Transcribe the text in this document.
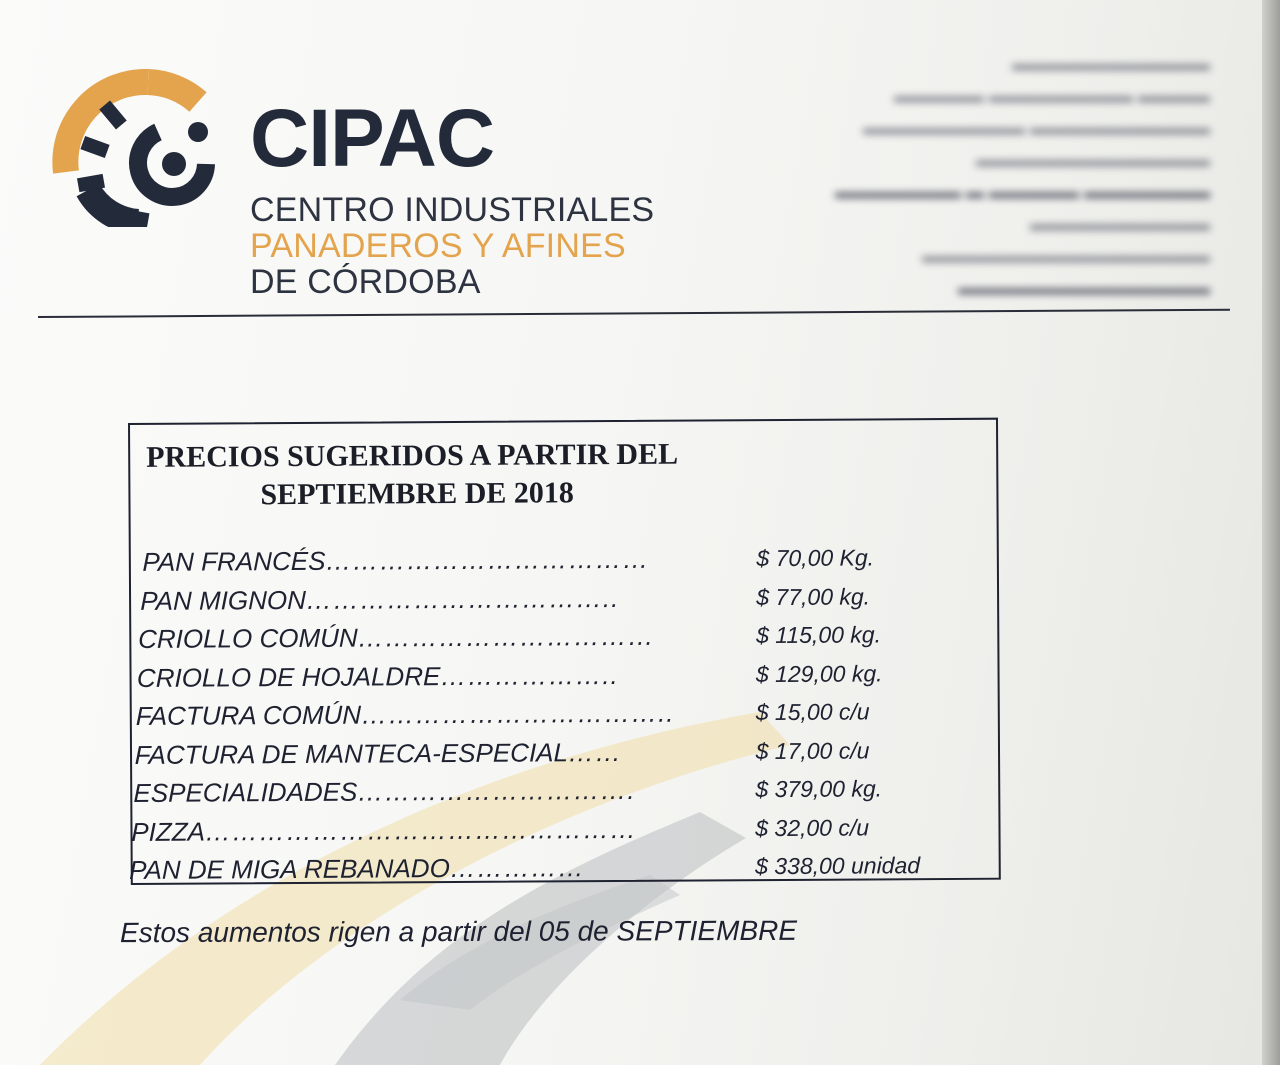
CIPAC
CENTRO INDUSTRIALES
PANADEROS Y AFINES
DE CÓRDOBA
▬▬▬▬▬▬▬▬▬▬▬
▬▬▬▬▬ ▬▬▬▬▬▬▬▬ ▬▬▬▬
▬▬▬▬▬▬▬▬▬ ▬▬▬▬▬▬▬▬▬▬
▬▬▬▬▬▬▬▬▬▬▬▬▬
▬▬▬▬▬▬▬ ▬ ▬▬▬▬▬ ▬▬▬▬▬▬▬
▬▬▬▬▬▬▬▬▬▬
▬▬▬▬▬▬▬▬▬▬▬▬▬▬▬▬
▬▬▬▬▬▬▬▬▬▬▬▬▬▬
PRECIOS SUGERIDOS A PARTIR DEL
SEPTIEMBRE DE 2018
PAN FRANCÉS………………………………	$ 70,00 Kg.
PAN MIGNON……………………………..	$ 77,00 kg.
CRIOLLO COMÚN……………………………	$ 115,00 kg.
CRIOLLO DE HOJALDRE………………..	$ 129,00 kg.
FACTURA COMÚN……………………………..	$ 15,00 c/u
FACTURA DE MANTECA-ESPECIAL……	$ 17,00 c/u
ESPECIALIDADES………………………….	$ 379,00 kg.
PIZZA…………………………………………	$ 32,00 c/u
PAN DE MIGA REBANADO……………	$ 338,00 unidad
Estos aumentos rigen a partir del 05 de SEPTIEMBRE
